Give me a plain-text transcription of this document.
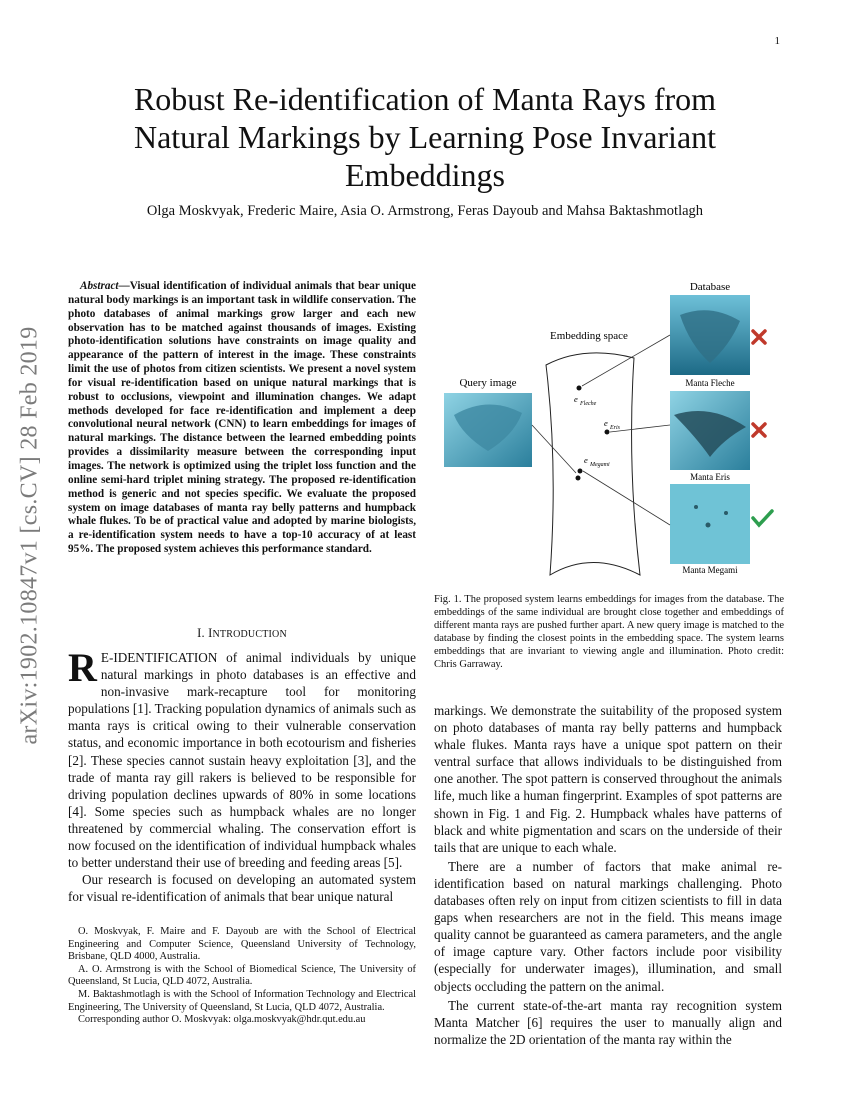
1
arXiv:1902.10847v1 [cs.CV] 28 Feb 2019
Robust Re-identification of Manta Rays from
Natural Markings by Learning Pose Invariant
Embeddings
Olga Moskvyak, Frederic Maire, Asia O. Armstrong, Feras Dayoub and Mahsa Baktashmotlagh

Abstract—Visual identification of individual animals that bear unique natural body markings is an important task in wildlife conservation. The photo databases of animal markings grow larger and each new observation has to be matched against thousands of images. Existing photo-identification solutions have constraints on image quality and appearance of the pattern of interest in the image. These constraints limit the use of photos from citizen scientists. We present a novel system for visual re-identification based on unique natural markings that is robust to occlusions, viewpoint and illumination changes. We adapt methods developed for face re-identification and implement a deep convolutional neural network (CNN) to learn embeddings for images of natural markings. The distance between the learned embedding points provides a dissimilarity measure between the corresponding input images. The network is optimized using the triplet loss function and the online semi-hard triplet mining strategy. The proposed re-identification method is generic and not species specific. We evaluate the proposed system on image databases of manta ray belly patterns and humpback whale flukes. To be of practical value and adopted by marine biologists, a re-identification system needs to have a top-10 accuracy of at least 95%. The proposed system achieves this performance standard.

I. INTRODUCTION

R E-IDENTIFICATION of animal individuals by unique natural markings in photo databases is an effective and non-invasive mark-recapture tool for monitoring populations [1]. Tracking population dynamics of animals such as manta rays is critical owing to their vulnerable conservation status, and economic importance in both ecotourism and fisheries [2]. These species cannot sustain heavy exploitation [3], and the trade of manta ray gill rakers is believed to be responsible for driving population declines upwards of 80% in some locations [4]. Some species such as humpback whales are no longer threatened by commercial whaling. The conservation effort is now focused on the identification of individual humpback whales to better understand their use of breeding and feeding areas [5].

Our research is focused on developing an automated system for visual re-identification of animals that bear unique natural

O. Moskvyak, F. Maire and F. Dayoub are with the School of Electrical Engineering and Computer Science, Queensland University of Technology, Brisbane, QLD 4000, Australia.

A. O. Armstrong is with the School of Biomedical Science, The University of Queensland, St Lucia, QLD 4072, Australia.

M. Baktashmotlagh is with the School of Information Technology and Electrical Engineering, The University of Queensland, St Lucia, QLD 4072, Australia.

Corresponding author O. Moskvyak: olga.moskvyak@hdr.qut.edu.au

Database
Embedding space
Query image	Manta Fleche
Manta Eris
Manta Megami
e Fleche
e Eris
e Megami

Fig. 1. The proposed system learns embeddings for images from the database. The embeddings of the same individual are brought close together and embeddings of different manta rays are pushed further apart. A new query image is matched to the database by finding the closest points in the embedding space. The system learns embeddings that are invariant to viewing angle and illumination. Photo credit: Chris Garraway.

markings. We demonstrate the suitability of the proposed system on photo databases of manta ray belly patterns and humpback whale flukes. Manta rays have a unique spot pattern on their ventral surface that allows individuals to be distinguished from one another. The spot pattern is conserved throughout the animals life, much like a human fingerprint. Examples of spot patterns are shown in Fig. 1 and Fig. 2. Humpback whales have patterns of black and white pigmentation and scars on the underside of their tails that are unique to each whale.

There are a number of factors that make animal re-identification based on natural markings challenging. Photo databases often rely on input from citizen scientists to fill in data gaps when researchers are not in the field. This means image quality cannot be guaranteed as camera parameters, and the angle of image capture vary. Other factors include poor visibility (especially for underwater images), illumination, and small objects occluding the pattern on the animal.

The current state-of-the-art manta ray recognition system Manta Matcher [6] requires the user to manually align and normalize the 2D orientation of the manta ray within the
